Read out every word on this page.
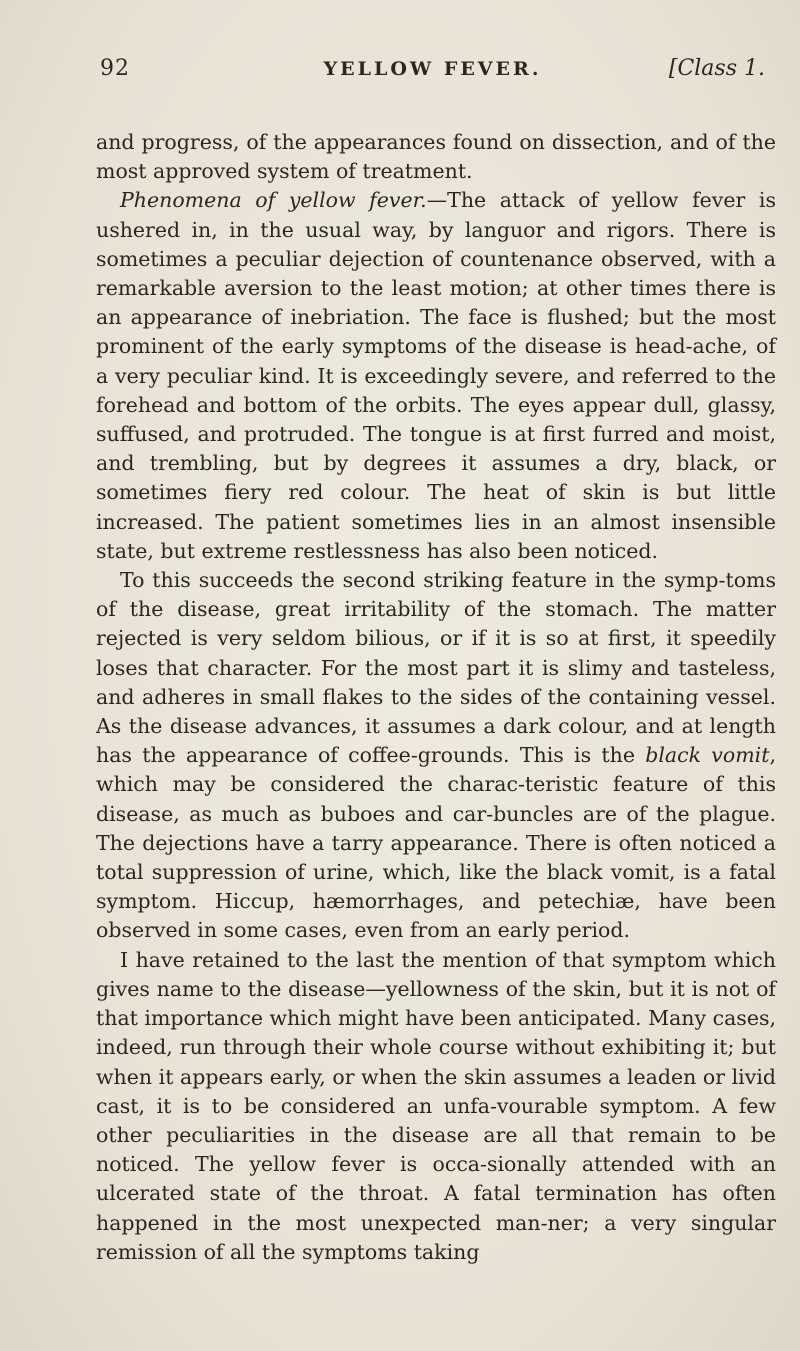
92	YELLOW FEVER.	[Class 1.

and progress, of the appearances found on dissection, and of the most approved system of treatment.

Phenomena of yellow fever.—The attack of yellow fever is ushered in, in the usual way, by languor and rigors. There is sometimes a peculiar dejection of countenance observed, with a remarkable aversion to the least motion; at other times there is an appearance of inebriation. The face is flushed; but the most prominent of the early symptoms of the disease is head-ache, of a very peculiar kind. It is exceedingly severe, and referred to the forehead and bottom of the orbits. The eyes appear dull, glassy, suffused, and protruded. The tongue is at first furred and moist, and trembling, but by degrees it assumes a dry, black, or sometimes fiery red colour. The heat of skin is but little increased. The patient sometimes lies in an almost insensible state, but extreme restlessness has also been noticed.

To this succeeds the second striking feature in the symp-toms of the disease, great irritability of the stomach. The matter rejected is very seldom bilious, or if it is so at first, it speedily loses that character. For the most part it is slimy and tasteless, and adheres in small flakes to the sides of the containing vessel. As the disease advances, it assumes a dark colour, and at length has the appearance of coffee-grounds. This is the black vomit, which may be considered the charac-teristic feature of this disease, as much as buboes and car-buncles are of the plague. The dejections have a tarry appearance. There is often noticed a total suppression of urine, which, like the black vomit, is a fatal symptom. Hiccup, hæmorrhages, and petechiæ, have been observed in some cases, even from an early period.

I have retained to the last the mention of that symptom which gives name to the disease—yellowness of the skin, but it is not of that importance which might have been anticipated. Many cases, indeed, run through their whole course without exhibiting it; but when it appears early, or when the skin assumes a leaden or livid cast, it is to be considered an unfa-vourable symptom. A few other peculiarities in the disease are all that remain to be noticed. The yellow fever is occa-sionally attended with an ulcerated state of the throat. A fatal termination has often happened in the most unexpected man-ner; a very singular remission of all the symptoms taking
